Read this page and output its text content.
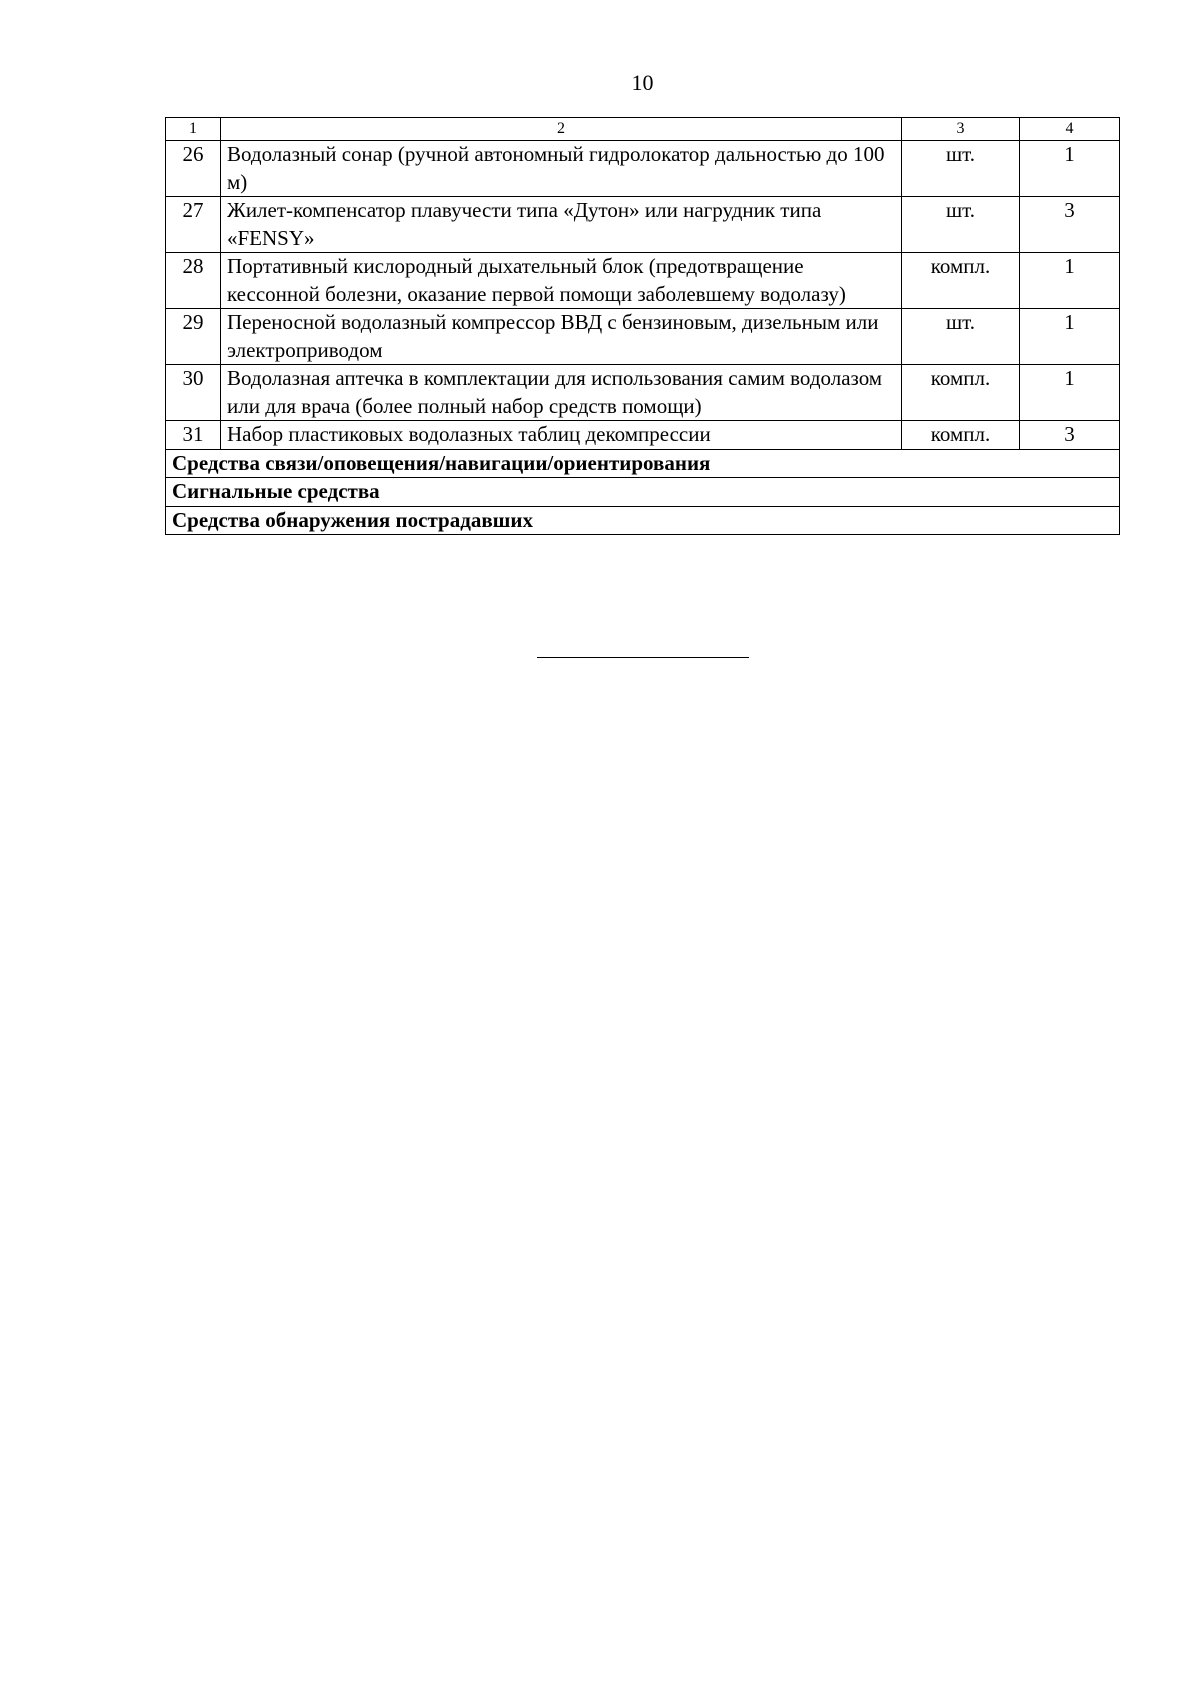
10
1	2	3	4
26	Водолазный сонар (ручной автономный гидролокатор дальностью до 100 м)	шт.	1
27	Жилет-компенсатор плавучести типа «Дутон» или нагрудник типа «FENSY»	шт.	3
28	Портативный кислородный дыхательный блок (предотвращение кессонной болезни, оказание первой помощи заболевшему водолазу)	компл.	1
29	Переносной водолазный компрессор ВВД с бензиновым, дизельным или электроприводом	шт.	1
30	Водолазная аптечка в комплектации для использования самим водолазом или для врача (более полный набор средств помощи)	компл.	1
31	Набор пластиковых водолазных таблиц декомпрессии	компл.	3
Средства связи/оповещения/навигации/ориентирования			
Сигнальные средства			
Средства обнаружения пострадавших			
